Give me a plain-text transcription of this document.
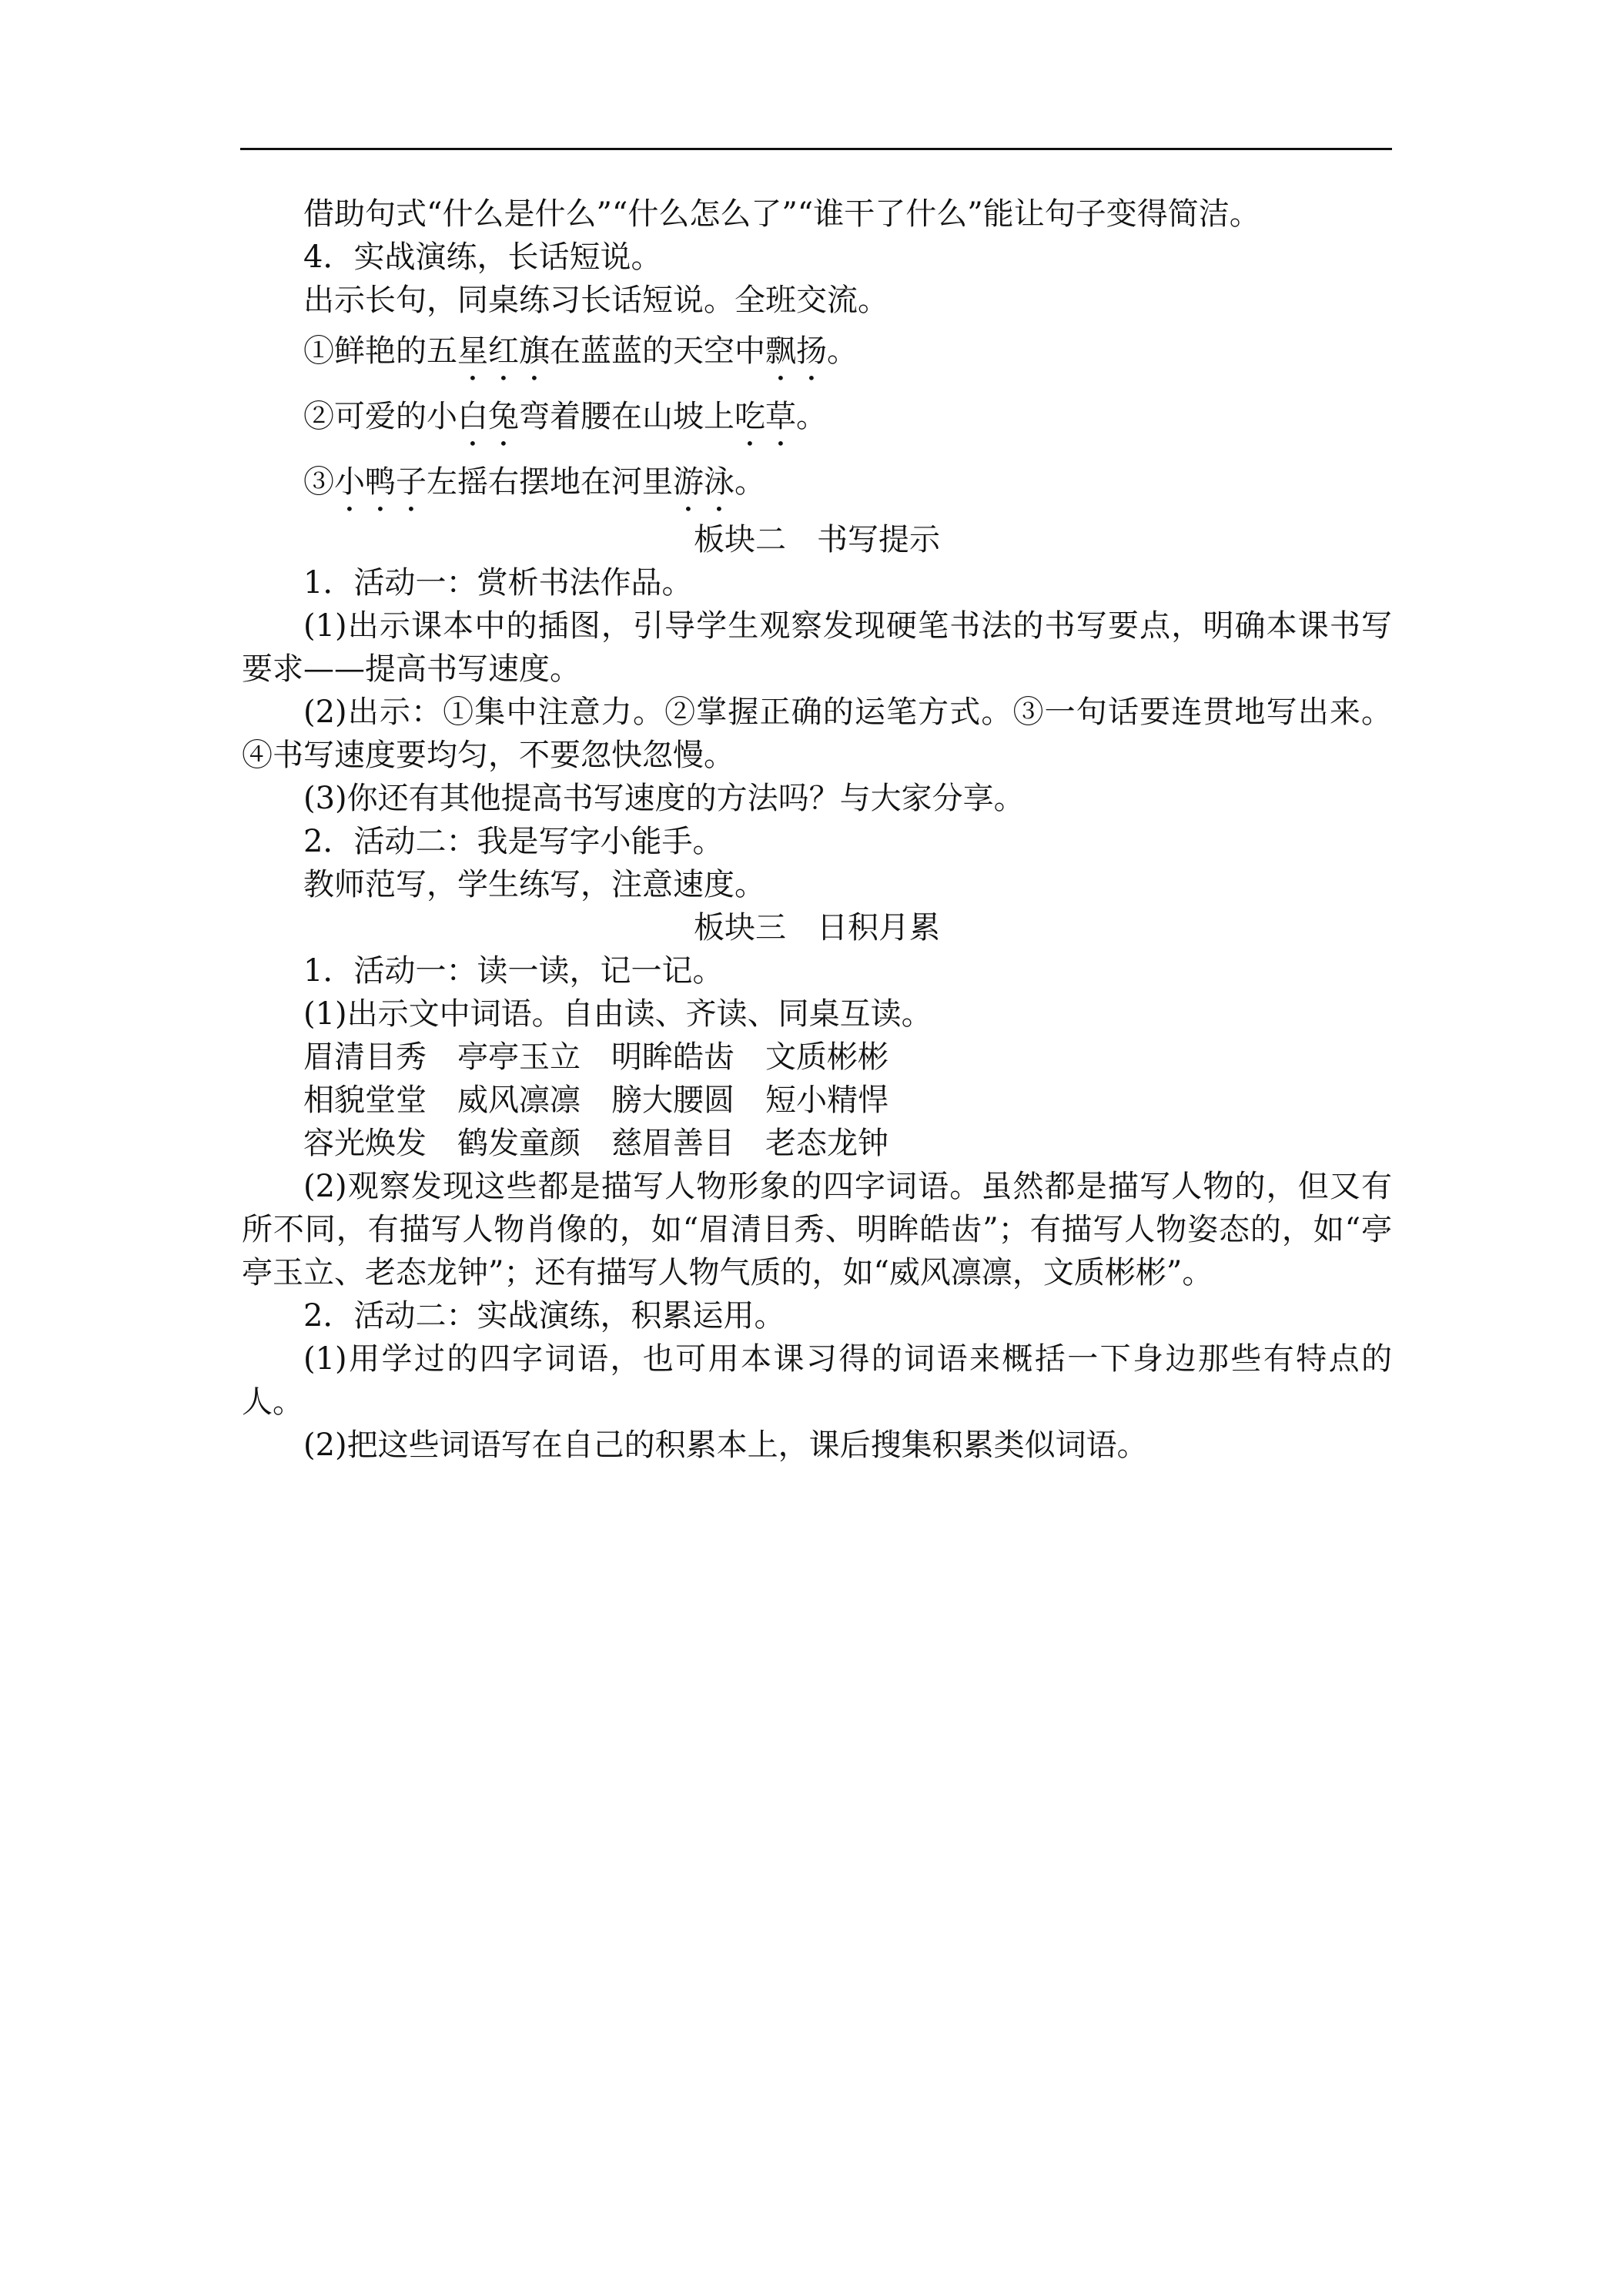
借助句式“什么是什么”“什么怎么了”“谁干了什么”能让句子变得简洁。

4．实战演练，长话短说。

出示长句，同桌练习长话短说。全班交流。

①鲜艳的五星红旗在蓝蓝的天空中飘扬。

②可爱的小白兔弯着腰在山坡上吃草。

③小鸭子左摇右摆地在河里游泳。

板块二　书写提示

1．活动一：赏析书法作品。

(1)出示课本中的插图，引导学生观察发现硬笔书法的书写要点，明确本课书写要求——提高书写速度。

(2)出示：①集中注意力。②掌握正确的运笔方式。③一句话要连贯地写出来。④书写速度要均匀，不要忽快忽慢。

(3)你还有其他提高书写速度的方法吗？与大家分享。

2．活动二：我是写字小能手。

教师范写，学生练写，注意速度。

板块三　日积月累

1．活动一：读一读，记一记。

(1)出示文中词语。自由读、齐读、同桌互读。

眉清目秀　亭亭玉立　明眸皓齿　文质彬彬

相貌堂堂　威风凛凛　膀大腰圆　短小精悍

容光焕发　鹤发童颜　慈眉善目　老态龙钟

(2)观察发现这些都是描写人物形象的四字词语。虽然都是描写人物的，但又有所不同，有描写人物肖像的，如“眉清目秀、明眸皓齿”；有描写人物姿态的，如“亭亭玉立、老态龙钟”；还有描写人物气质的，如“威风凛凛，文质彬彬”。

2．活动二：实战演练，积累运用。

(1)用学过的四字词语，也可用本课习得的词语来概括一下身边那些有特点的人。

(2)把这些词语写在自己的积累本上，课后搜集积累类似词语。
